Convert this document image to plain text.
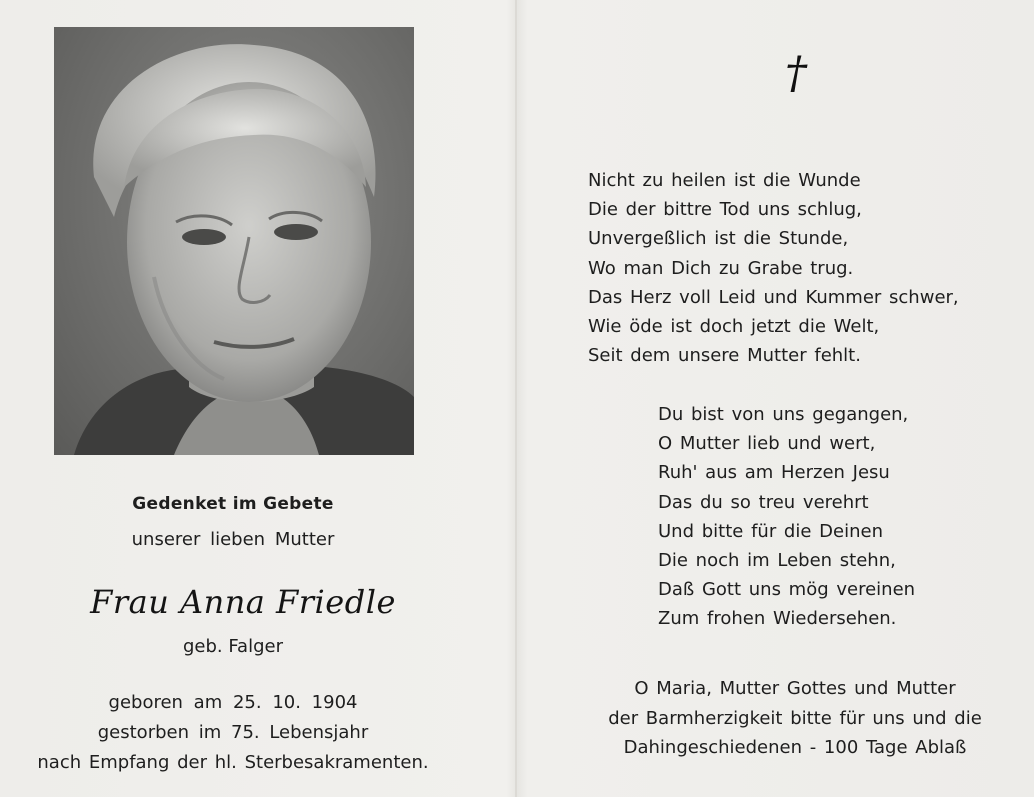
Gedenket im Gebete
unserer lieben Mutter
Frau Anna Friedle
geb. Falger
geboren am 25. 10. 1904
gestorben im 75. Lebensjahr
nach Empfang der hl. Sterbesakramenten.
†
Nicht zu heilen ist die Wunde
Die der bittre Tod uns schlug,
Unvergeßlich ist die Stunde,
Wo man Dich zu Grabe trug.
Das Herz voll Leid und Kummer schwer,
Wie öde ist doch jetzt die Welt,
Seit dem unsere Mutter fehlt.
Du bist von uns gegangen,
O Mutter lieb und wert,
Ruh' aus am Herzen Jesu
Das du so treu verehrt
Und bitte für die Deinen
Die noch im Leben stehn,
Daß Gott uns mög vereinen
Zum frohen Wiedersehen.
O Maria, Mutter Gottes und Mutter
der Barmherzigkeit bitte für uns und die
Dahingeschiedenen - 100 Tage Ablaß
